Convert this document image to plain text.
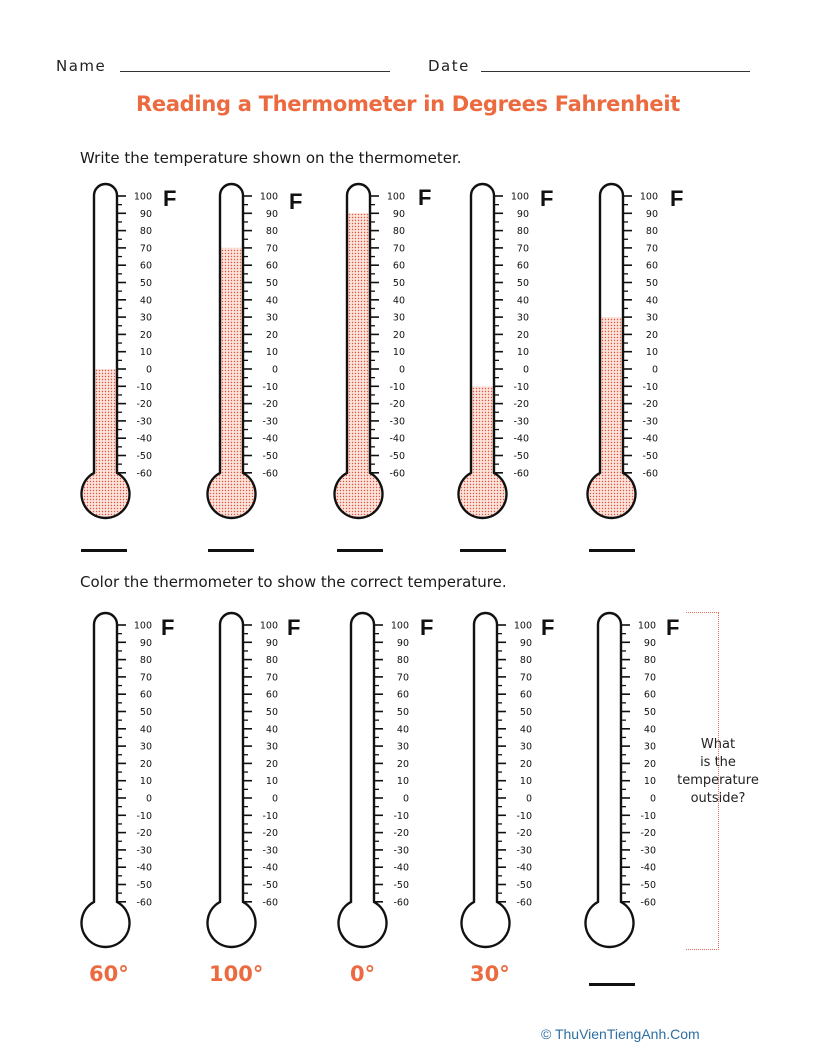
Name	Date
Reading a Thermometer in Degrees Fahrenheit
Write the temperature shown on the thermometer.
100
90
80
70
60
50
40
30
20
10
0
-10
-20
-30
-40
-50
-60
100
90
80
70
60
50
40
30
20
10
0
-10
-20
-30
-40
-50
-60
100
90
80
70
60
50
40
30
20
10
0
-10
-20
-30
-40
-50
-60
100
90
80
70
60
50
40
30
20
10
0
-10
-20
-30
-40
-50
-60
100
90
80
70
60
50
40
30
20
10
0
-10
-20
-30
-40
-50
-60
F	F	F	F	F
Color the thermometer to show the correct temperature.
100
90
80
70
60
50
40
30
20
10
0
-10
-20
-30
-40
-50
-60
100
90
80
70
60
50
40
30
20
10
0
-10
-20
-30
-40
-50
-60
100
90
80
70
60
50
40
30
20
10
0
-10
-20
-30
-40
-50
-60
100
90
80
70
60
50
40
30
20
10
0
-10
-20
-30
-40
-50
-60
100
90
80
70
60
50
40
30
20
10
0
-10
-20
-30
-40
-50
-60
F	F	F	F	F
60°	100°	0°	30°
What
is the
temperature
outside?
© ThuVienTiengAnh.Com
